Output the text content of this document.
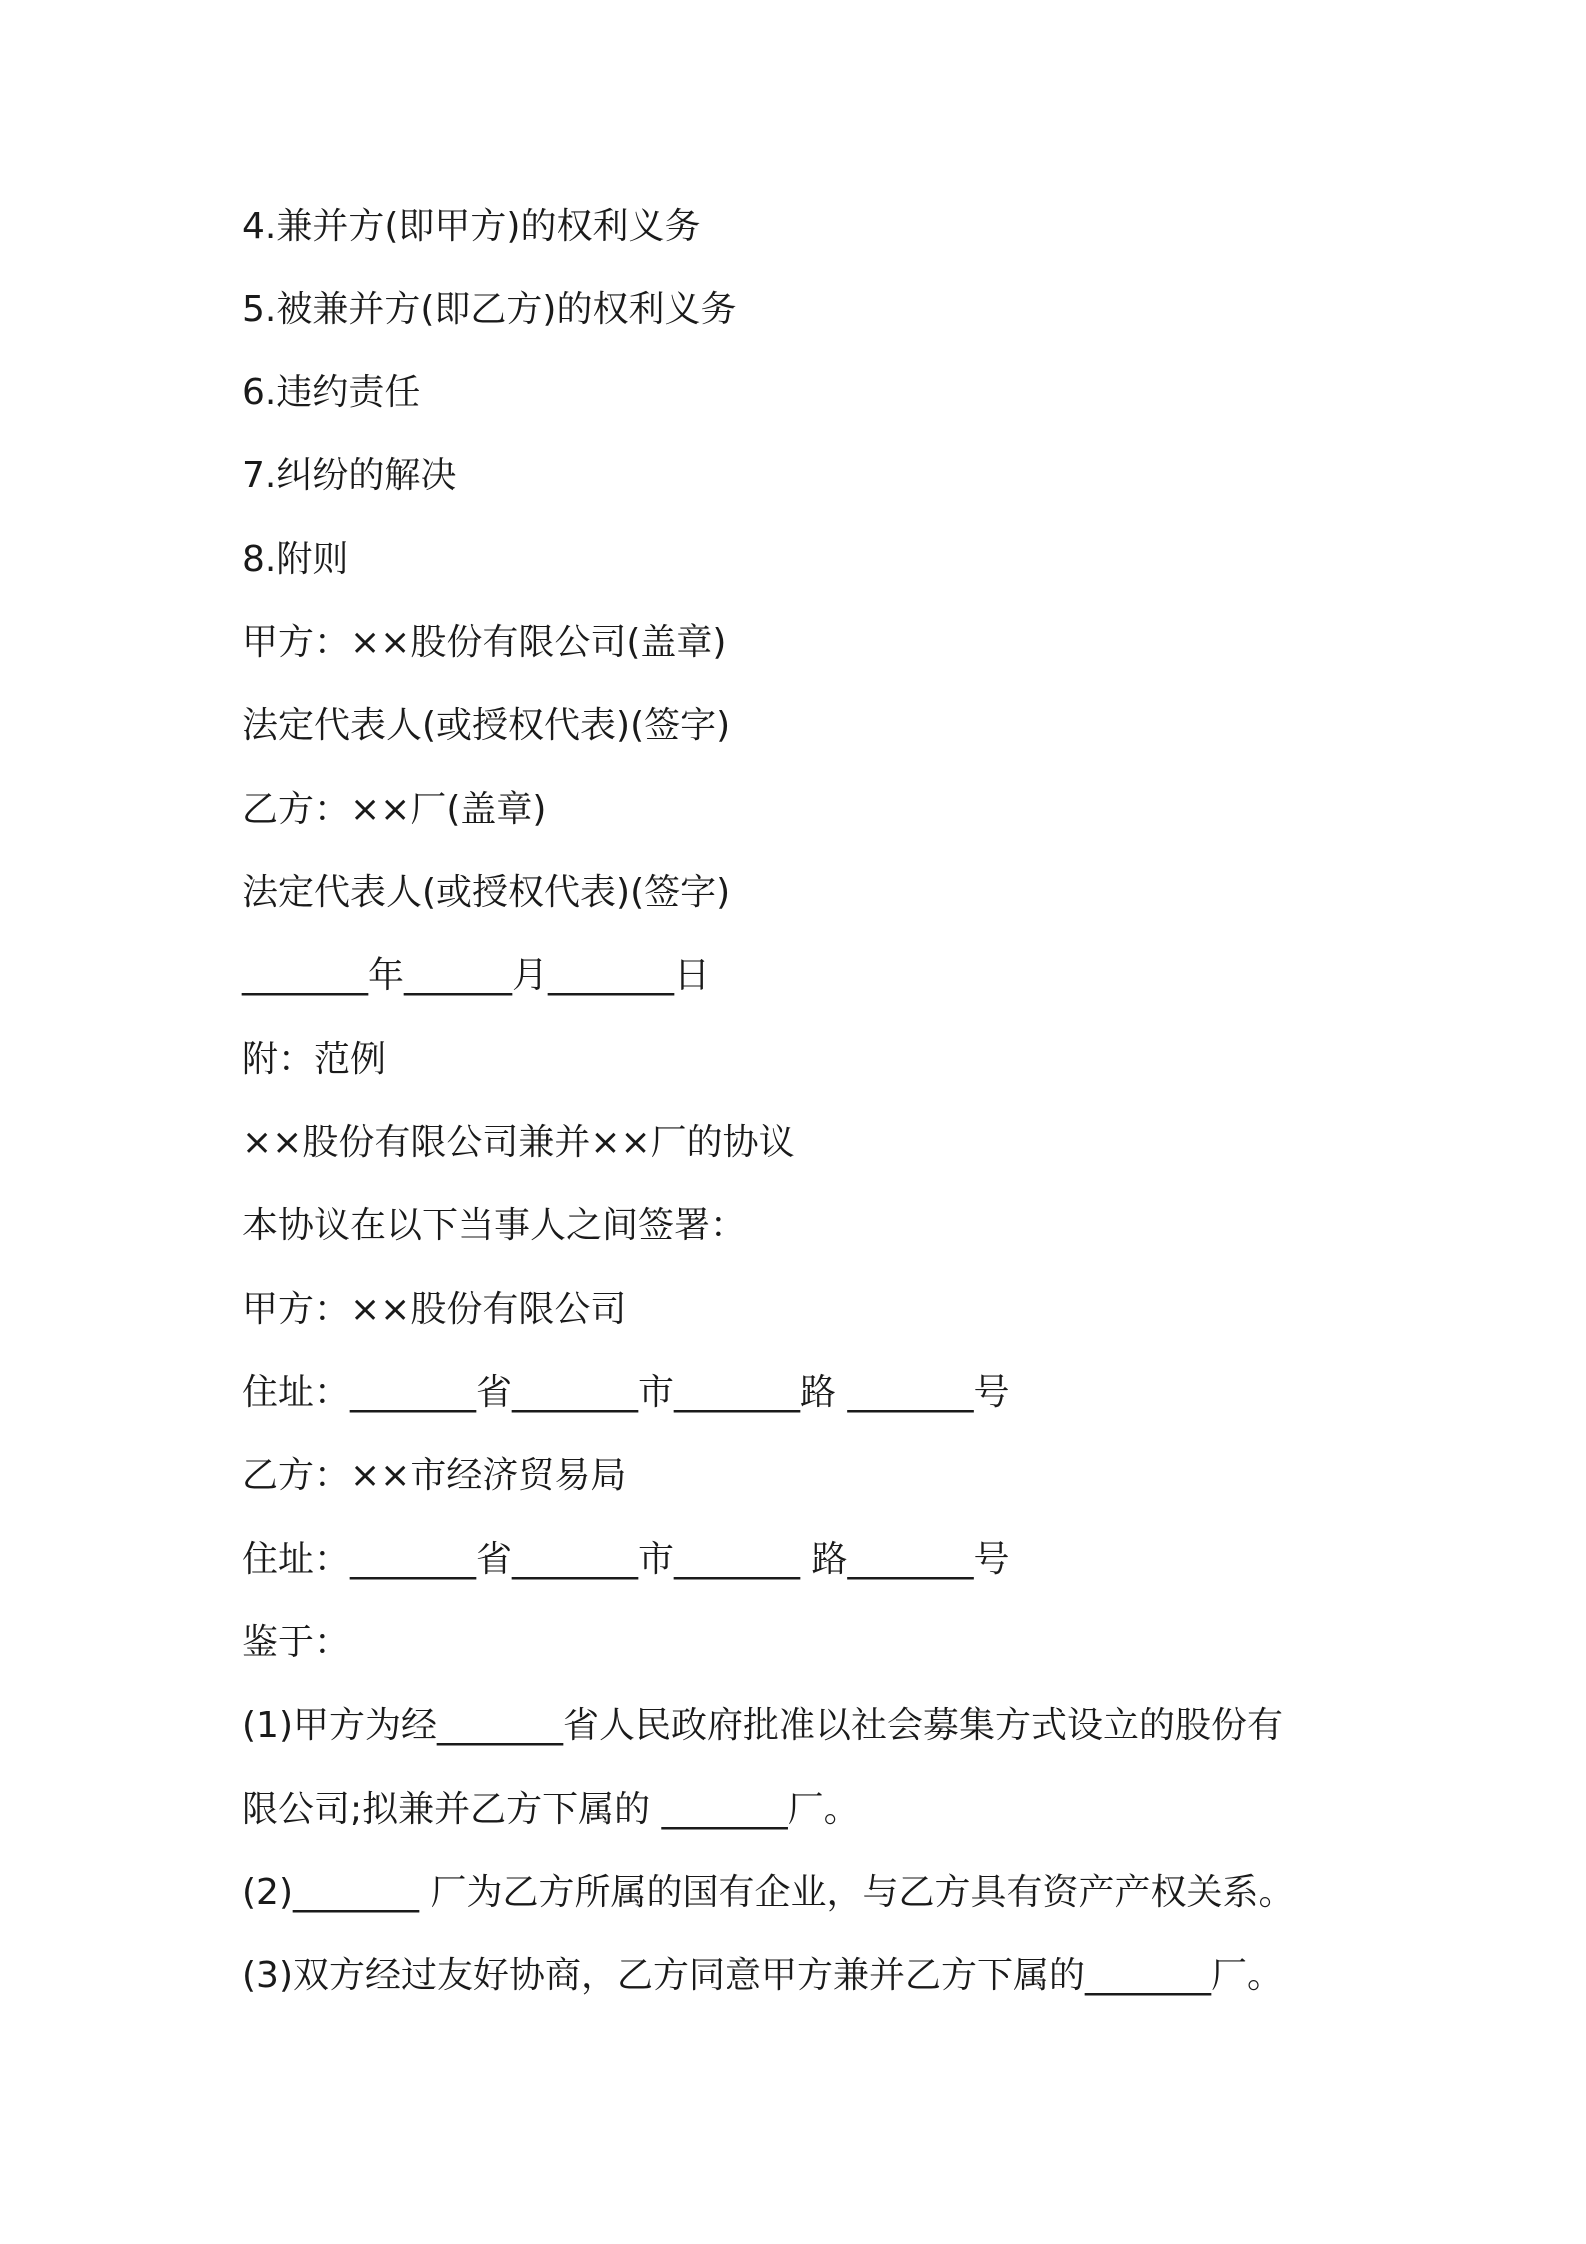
4.兼并方(即甲方)的权利义务

5.被兼并方(即乙方)的权利义务

6.违约责任

7.纠纷的解决

8.附则

甲方：××股份有限公司(盖章)

法定代表人(或授权代表)(签字)

乙方：××厂(盖章)

法定代表人(或授权代表)(签字)

_______年______月_______日

附：范例

××股份有限公司兼并××厂的协议

本协议在以下当事人之间签署：

甲方：××股份有限公司

住址：_______省_______市_______路 _______号

乙方：××市经济贸易局

住址：_______省_______市_______ 路_______号

鉴于：

(1)甲方为经_______省人民政府批准以社会募集方式设立的股份有

限公司;拟兼并乙方下属的 _______厂。

(2)_______ 厂为乙方所属的国有企业，与乙方具有资产产权关系。

(3)双方经过友好协商，乙方同意甲方兼并乙方下属的_______厂。
